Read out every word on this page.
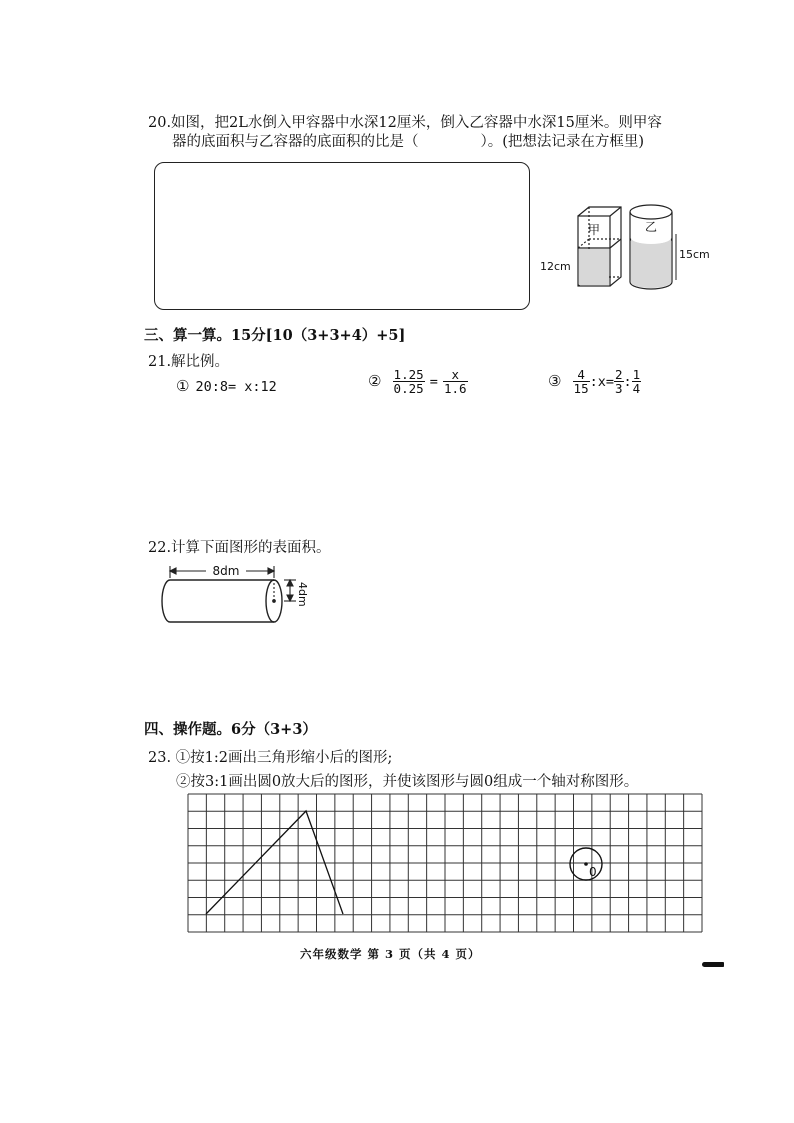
20.如图，把2L水倒入甲容器中水深12厘米，倒入乙容器中水深15厘米。则甲容
器的底面积与乙容器的底面积的比是（	）。(把想法记录在方框里)
甲
12cm
乙
15cm
三、算一算。15分[10（3+3+4）+5]
21.解比例。
① 20:8= x:12	② $\frac{1.25}{0.25} = \frac{x}{1.6}$	③ $\frac{4}{15}$ :x= $\frac{2}{3}$ : $\frac{1}{4}$
22.计算下面图形的表面积。
8dm
4dm
四、操作题。6分（3+3）
23. ①按1:2画出三角形缩小后的图形;
②按3:1画出圆0放大后的图形，并使该图形与圆0组成一个轴对称图形。
0
六年级数学 第 3 页（共 4 页）
